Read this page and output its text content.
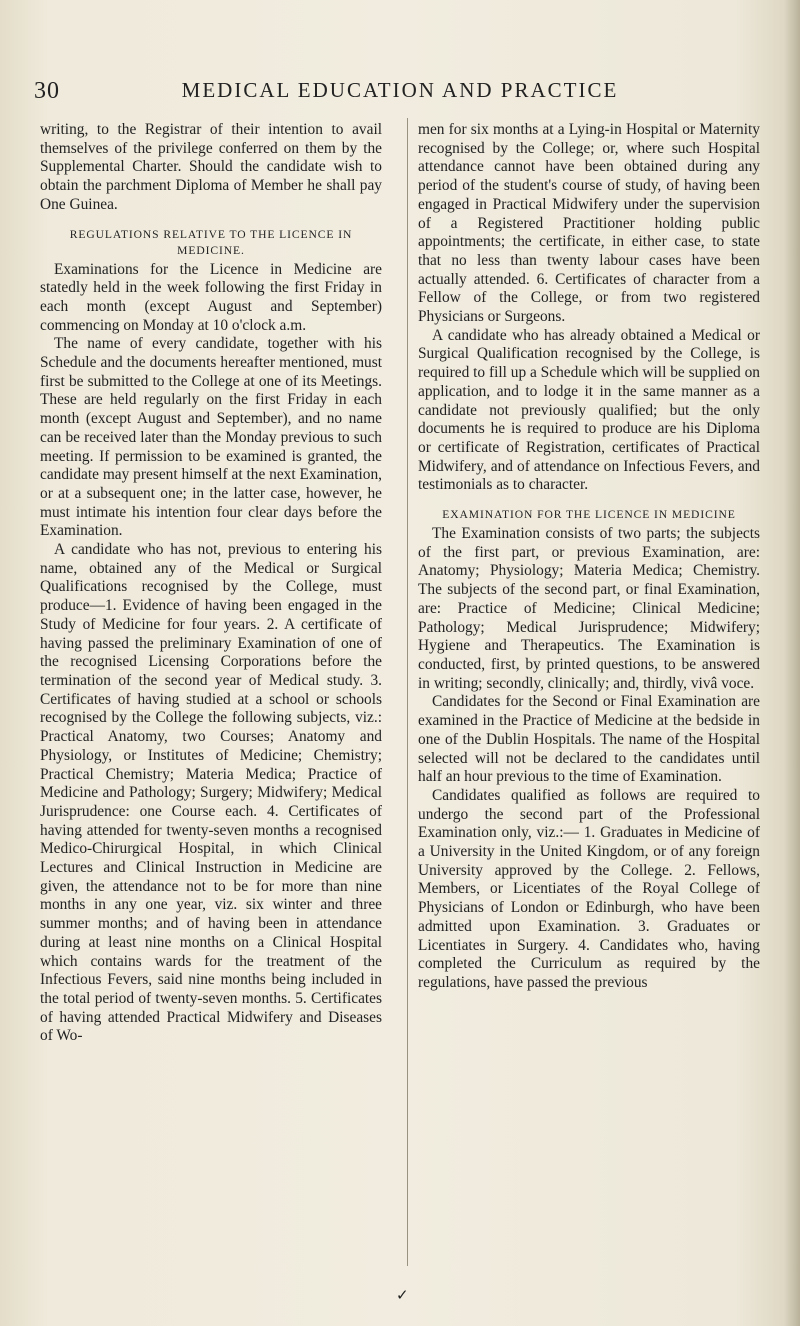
30	MEDICAL EDUCATION AND PRACTICE

writing, to the Registrar of their intention to avail themselves of the privilege conferred on them by the Supplemental Charter. Should the candidate wish to obtain the parchment Diploma of Member he shall pay One Guinea.

REGULATIONS RELATIVE TO THE LICENCE IN MEDICINE.

Examinations for the Licence in Medicine are statedly held in the week following the first Friday in each month (except August and September) commencing on Monday at 10 o'clock a.m.

The name of every candidate, together with his Schedule and the documents hereafter mentioned, must first be submitted to the College at one of its Meetings. These are held regularly on the first Friday in each month (except August and September), and no name can be received later than the Monday previous to such meeting. If permission to be examined is granted, the candidate may present himself at the next Examination, or at a subsequent one; in the latter case, however, he must intimate his intention four clear days before the Examination.

A candidate who has not, previous to entering his name, obtained any of the Medical or Surgical Qualifications recognised by the College, must produce—1. Evidence of having been engaged in the Study of Medicine for four years. 2. A certificate of having passed the preliminary Examination of one of the recognised Licensing Corporations before the termination of the second year of Medical study. 3. Certificates of having studied at a school or schools recognised by the College the following subjects, viz.: Practical Anatomy, two Courses; Anatomy and Physiology, or Institutes of Medicine; Chemistry; Practical Chemistry; Materia Medica; Practice of Medicine and Pathology; Surgery; Midwifery; Medical Jurisprudence: one Course each. 4. Certificates of having attended for twenty-seven months a recognised Medico-Chirurgical Hospital, in which Clinical Lectures and Clinical Instruction in Medicine are given, the attendance not to be for more than nine months in any one year, viz. six winter and three summer months; and of having been in attendance during at least nine months on a Clinical Hospital which contains wards for the treatment of the Infectious Fevers, said nine months being included in the total period of twenty-seven months. 5. Certificates of having attended Practical Midwifery and Diseases of Wo-

men for six months at a Lying-in Hospital or Maternity recognised by the College; or, where such Hospital attendance cannot have been obtained during any period of the student's course of study, of having been engaged in Practical Midwifery under the supervision of a Registered Practitioner holding public appointments; the certificate, in either case, to state that no less than twenty labour cases have been actually attended. 6. Certificates of character from a Fellow of the College, or from two registered Physicians or Surgeons.

A candidate who has already obtained a Medical or Surgical Qualification recognised by the College, is required to fill up a Schedule which will be supplied on application, and to lodge it in the same manner as a candidate not previously qualified; but the only documents he is required to produce are his Diploma or certificate of Registration, certificates of Practical Midwifery, and of attendance on Infectious Fevers, and testimonials as to character.

EXAMINATION FOR THE LICENCE IN MEDICINE

The Examination consists of two parts; the subjects of the first part, or previous Examination, are: Anatomy; Physiology; Materia Medica; Chemistry. The subjects of the second part, or final Examination, are: Practice of Medicine; Clinical Medicine; Pathology; Medical Jurisprudence; Midwifery; Hygiene and Therapeutics. The Examination is conducted, first, by printed questions, to be answered in writing; secondly, clinically; and, thirdly, vivâ voce.

Candidates for the Second or Final Examination are examined in the Practice of Medicine at the bedside in one of the Dublin Hospitals. The name of the Hospital selected will not be declared to the candidates until half an hour previous to the time of Examination.

Candidates qualified as follows are required to undergo the second part of the Professional Examination only, viz.:— 1. Graduates in Medicine of a University in the United Kingdom, or of any foreign University approved by the College. 2. Fellows, Members, or Licentiates of the Royal College of Physicians of London or Edinburgh, who have been admitted upon Examination. 3. Graduates or Licentiates in Surgery. 4. Candidates who, having completed the Curriculum as required by the regulations, have passed the previous

✓
